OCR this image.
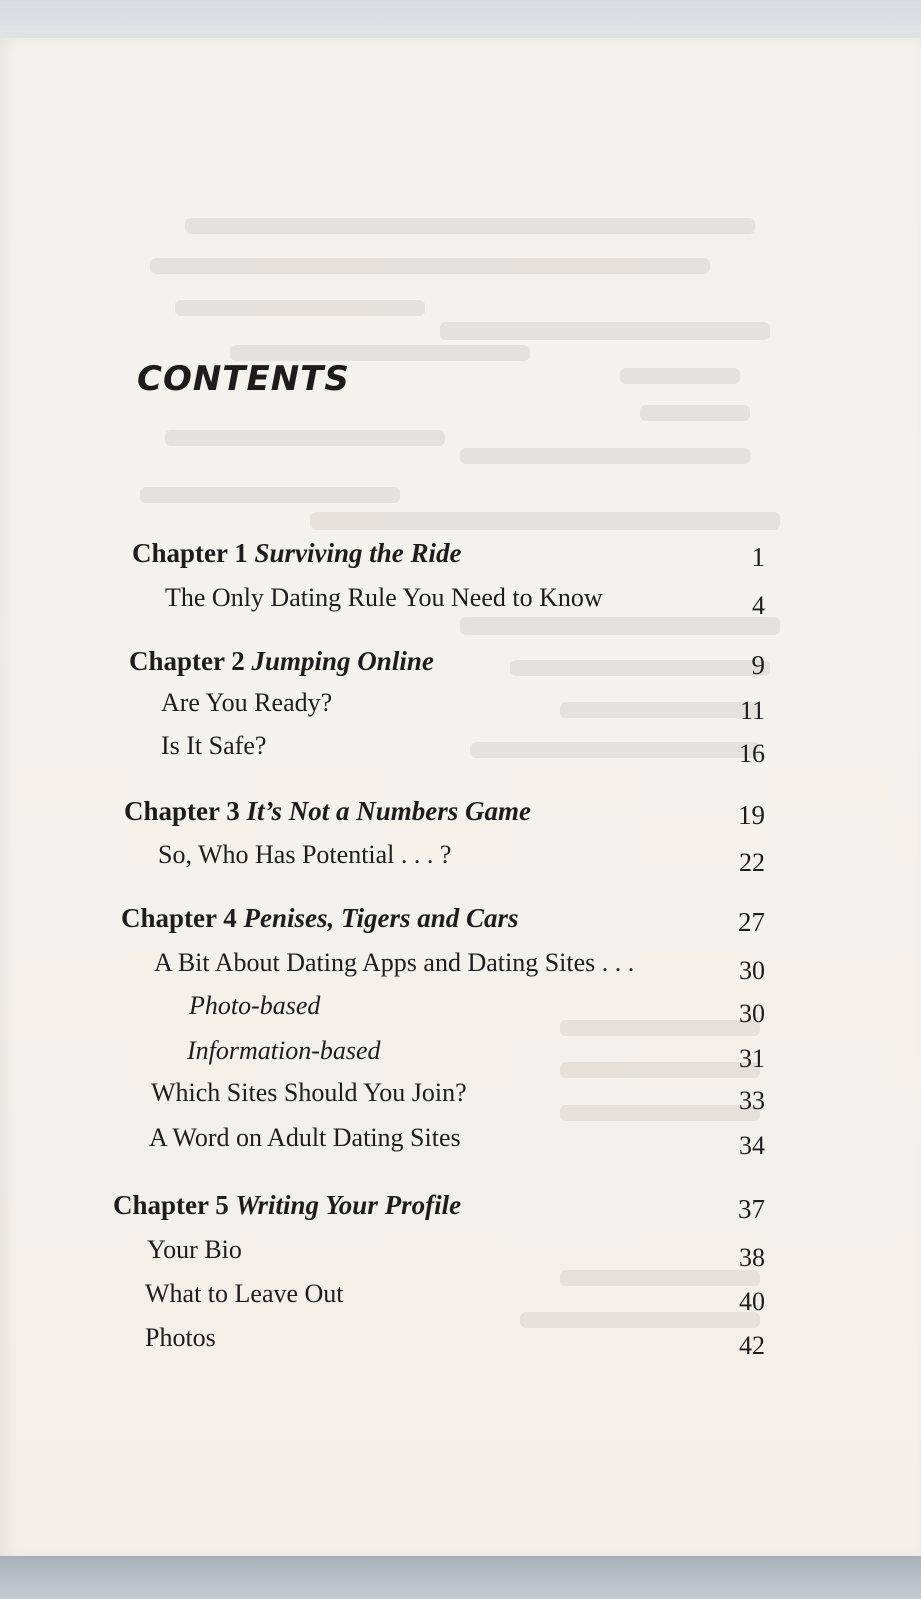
CONTENTS
Chapter 1 Surviving the Ride	1
The Only Dating Rule You Need to Know	4
Chapter 2 Jumping Online	9
Are You Ready?	11
Is It Safe?	16
Chapter 3 It’s Not a Numbers Game	19
So, Who Has Potential . . . ?	22
Chapter 4 Penises, Tigers and Cars	27
A Bit About Dating Apps and Dating Sites . . .	30
Photo-based	30
Information-based	31
Which Sites Should You Join?	33
A Word on Adult Dating Sites	34
Chapter 5 Writing Your Profile	37
Your Bio	38
What to Leave Out	40
Photos	42
